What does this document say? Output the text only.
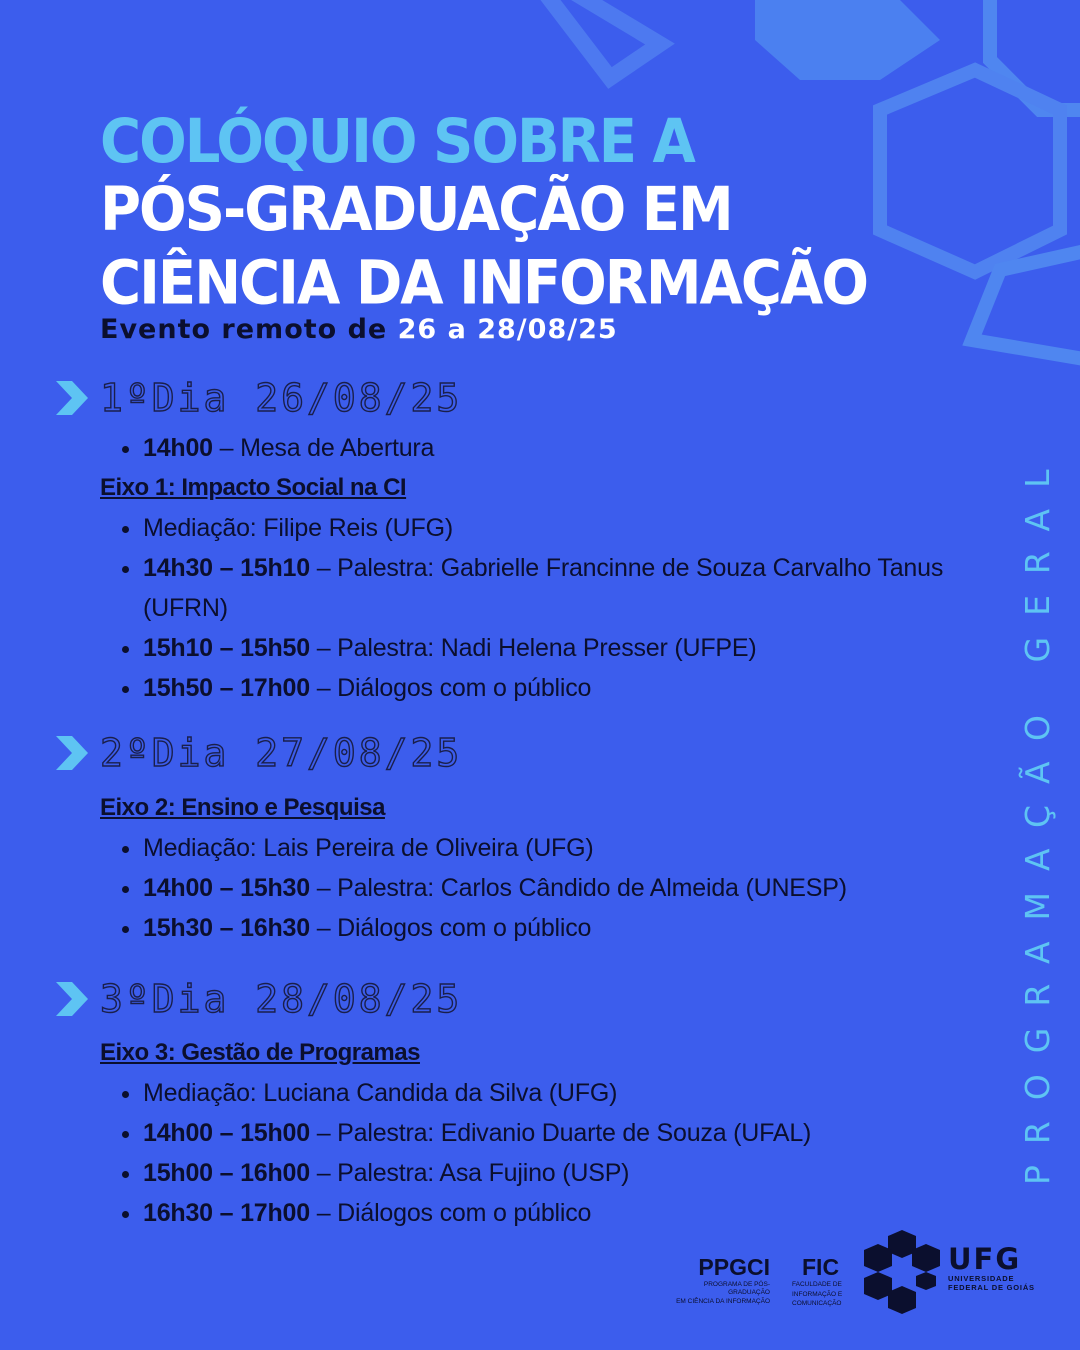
COLÓQUIO SOBRE A
PÓS-GRADUAÇÃO EM CIÊNCIA DA INFORMAÇÃO

Evento remoto de 26 a 28/08/25

1ºDia 26/08/25
• 14h00 – Mesa de Abertura

Eixo 1: Impacto Social na CI

• Mediação: Filipe Reis (UFG)
• 14h30 – 15h10 – Palestra: Gabrielle Francinne de Souza Carvalho Tanus (UFRN)
• 15h10 – 15h50 – Palestra: Nadi Helena Presser (UFPE)
• 15h50 – 17h00 – Diálogos com o público
2ºDia 27/08/25

Eixo 2: Ensino e Pesquisa

• Mediação: Lais Pereira de Oliveira (UFG)
• 14h00 – 15h30 – Palestra: Carlos Cândido de Almeida (UNESP)
• 15h30 – 16h30 – Diálogos com o público
3ºDia 28/08/25

Eixo 3: Gestão de Programas

• Mediação: Luciana Candida da Silva (UFG)
• 14h00 – 15h00 – Palestra: Edivanio Duarte de Souza (UFAL)
• 15h00 – 16h00 – Palestra: Asa Fujino (USP)
• 16h30 – 17h00 – Diálogos com o público
PROGRAMAÇÃO GERAL
PPGCI
PROGRAMA DE PÓS-GRADUAÇÃO
EM CIÊNCIA DA INFORMAÇÃO
FIC
FACULDADE DE
INFORMAÇÃO E
COMUNICAÇÃO
UFG
UNIVERSIDADE
FEDERAL DE GOIÁS
